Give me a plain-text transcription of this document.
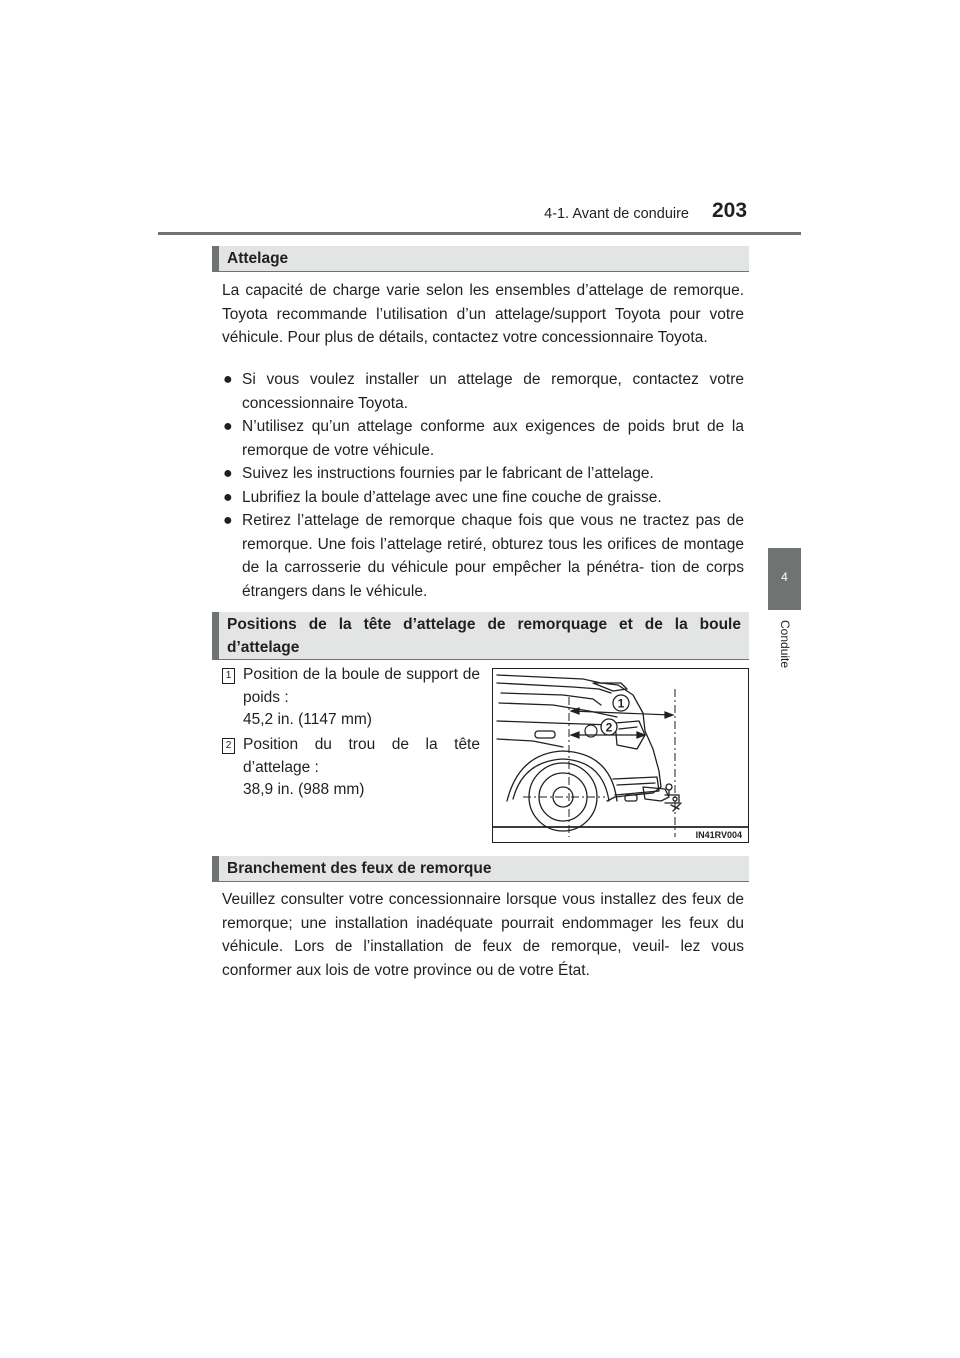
4-1. Avant de conduire 203
4
Conduite
Attelage
La capacité de charge varie selon les ensembles d’attelage de remorque. Toyota recommande l’utilisation d’un attelage/support Toyota pour votre véhicule. Pour plus de détails, contactez votre concessionnaire Toyota.
● Si vous voulez installer un attelage de remorque, contactez votre concessionnaire Toyota.
● N’utilisez qu’un attelage conforme aux exigences de poids brut de la remorque de votre véhicule.
● Suivez les instructions fournies par le fabricant de l’attelage.
● Lubrifiez la boule d’attelage avec une fine couche de graisse.
● Retirez l’attelage de remorque chaque fois que vous ne tractez pas de remorque. Une fois l’attelage retiré, obturez tous les orifices de montage de la carrosserie du véhicule pour empêcher la pénétra- tion de corps étrangers dans le véhicule.
Positions de la tête d’attelage de remorquage et de la boule d’attelage
1 Position de la boule de support de poids :
45,2 in. (1147 mm)
2 Position du trou de la tête d’attelage :
38,9 in. (988 mm)
1
2
IN41RV004
Branchement des feux de remorque
Veuillez consulter votre concessionnaire lorsque vous installez des feux de remorque; une installation inadéquate pourrait endommager les feux du véhicule. Lors de l’installation de feux de remorque, veuil- lez vous conformer aux lois de votre province ou de votre État.
